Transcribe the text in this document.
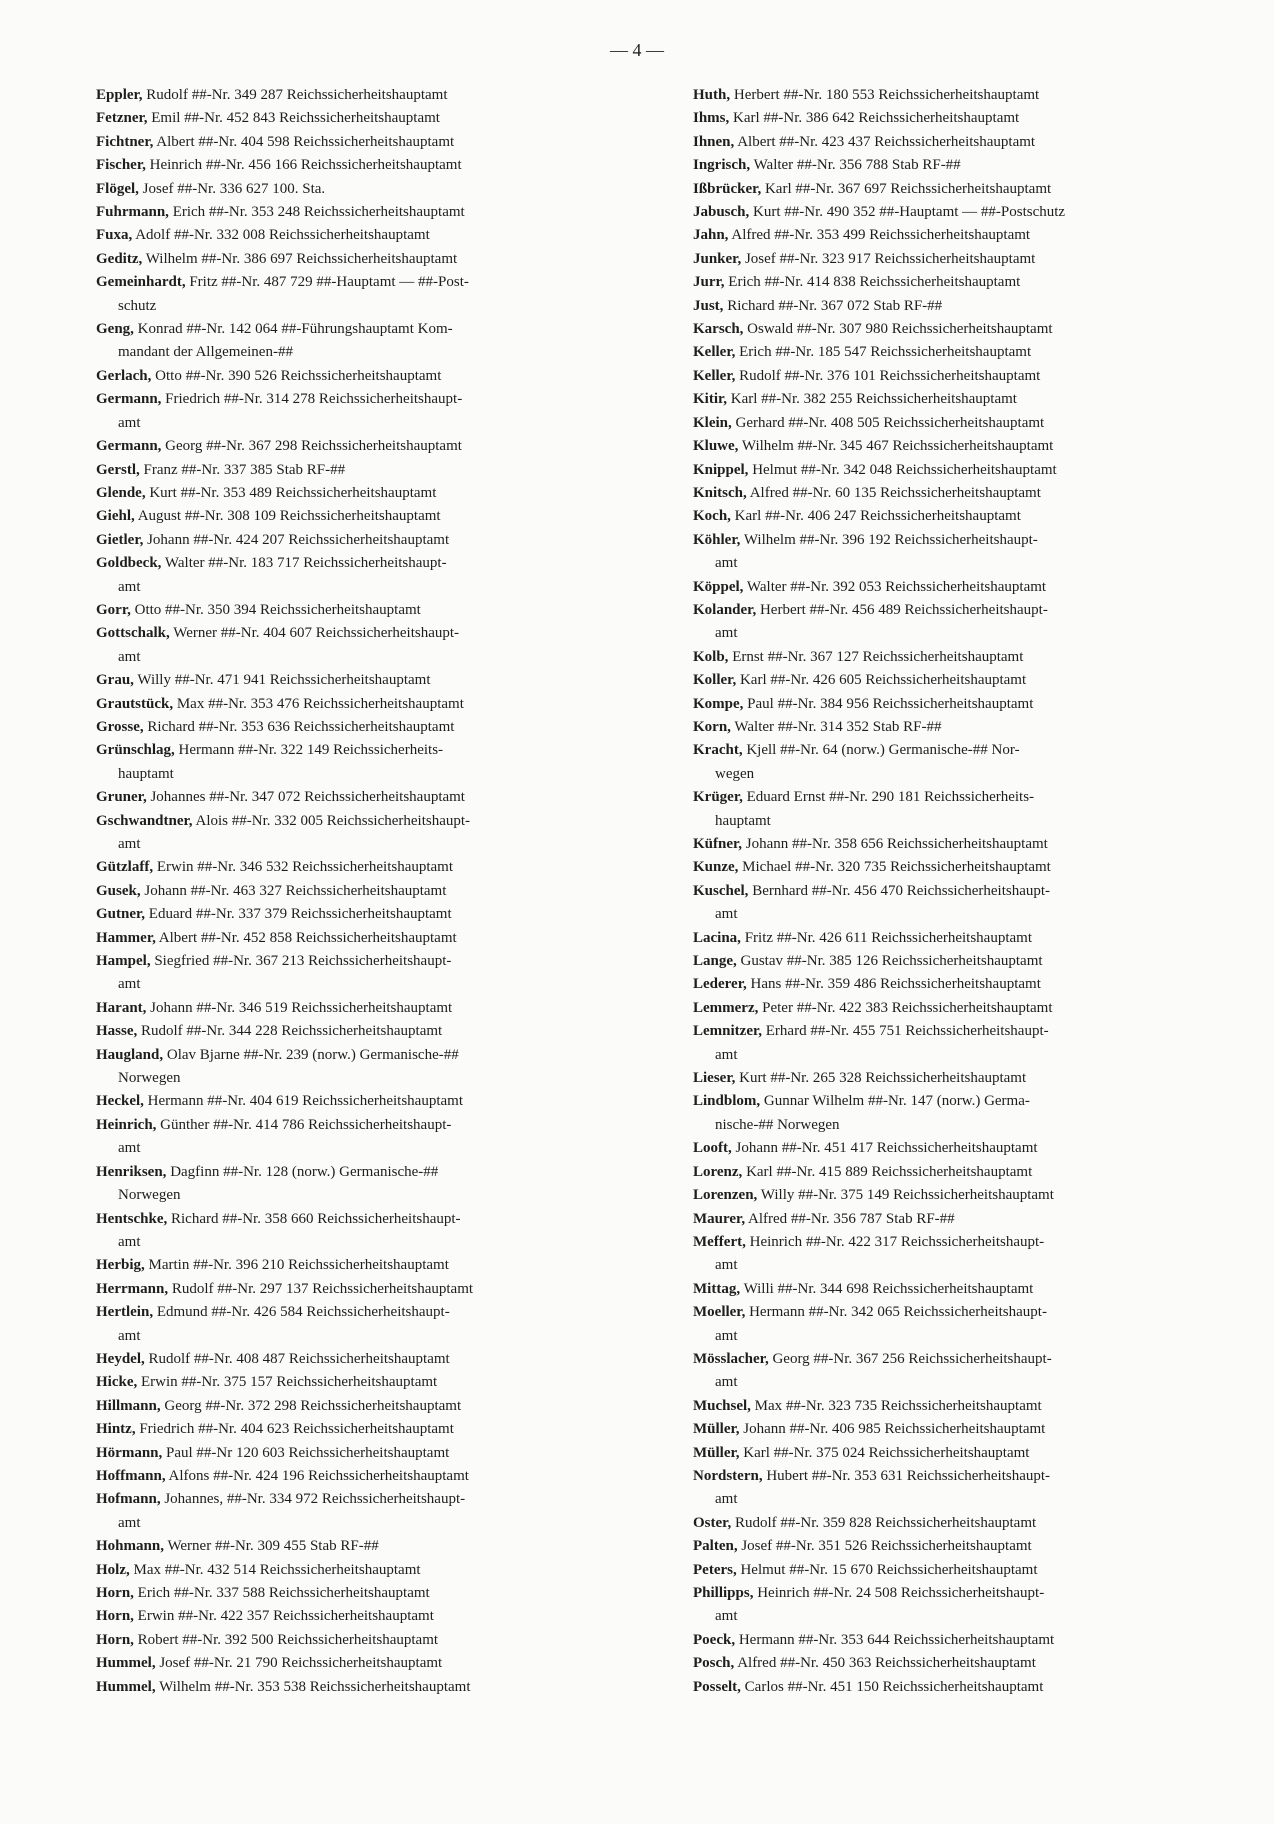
— 4 —
Eppler, Rudolf ##-Nr. 349 287 Reichssicherheitshauptamt
Fetzner, Emil ##-Nr. 452 843 Reichssicherheitshauptamt
Fichtner, Albert ##-Nr. 404 598 Reichssicherheitshauptamt
Fischer, Heinrich ##-Nr. 456 166 Reichssicherheitshauptamt
Flögel, Josef ##-Nr. 336 627 100. Sta.
Fuhrmann, Erich ##-Nr. 353 248 Reichssicherheitshauptamt
Fuxa, Adolf ##-Nr. 332 008 Reichssicherheitshauptamt
Geditz, Wilhelm ##-Nr. 386 697 Reichssicherheitshauptamt
Gemeinhardt, Fritz ##-Nr. 487 729 ##-Hauptamt — ##-Post-
schutz
Geng, Konrad ##-Nr. 142 064 ##-Führungshauptamt Kom-
mandant der Allgemeinen-##
Gerlach, Otto ##-Nr. 390 526 Reichssicherheitshauptamt
Germann, Friedrich ##-Nr. 314 278 Reichssicherheitshaupt-
amt
Germann, Georg ##-Nr. 367 298 Reichssicherheitshauptamt
Gerstl, Franz ##-Nr. 337 385 Stab RF-##
Glende, Kurt ##-Nr. 353 489 Reichssicherheitshauptamt
Giehl, August ##-Nr. 308 109 Reichssicherheitshauptamt
Gietler, Johann ##-Nr. 424 207 Reichssicherheitshauptamt
Goldbeck, Walter ##-Nr. 183 717 Reichssicherheitshaupt-
amt
Gorr, Otto ##-Nr. 350 394 Reichssicherheitshauptamt
Gottschalk, Werner ##-Nr. 404 607 Reichssicherheitshaupt-
amt
Grau, Willy ##-Nr. 471 941 Reichssicherheitshauptamt
Grautstück, Max ##-Nr. 353 476 Reichssicherheitshauptamt
Grosse, Richard ##-Nr. 353 636 Reichssicherheitshauptamt
Grünschlag, Hermann ##-Nr. 322 149 Reichssicherheits-
hauptamt
Gruner, Johannes ##-Nr. 347 072 Reichssicherheitshauptamt
Gschwandtner, Alois ##-Nr. 332 005 Reichssicherheitshaupt-
amt
Gützlaff, Erwin ##-Nr. 346 532 Reichssicherheitshauptamt
Gusek, Johann ##-Nr. 463 327 Reichssicherheitshauptamt
Gutner, Eduard ##-Nr. 337 379 Reichssicherheitshauptamt
Hammer, Albert ##-Nr. 452 858 Reichssicherheitshauptamt
Hampel, Siegfried ##-Nr. 367 213 Reichssicherheitshaupt-
amt
Harant, Johann ##-Nr. 346 519 Reichssicherheitshauptamt
Hasse, Rudolf ##-Nr. 344 228 Reichssicherheitshauptamt
Haugland, Olav Bjarne ##-Nr. 239 (norw.) Germanische-##
Norwegen
Heckel, Hermann ##-Nr. 404 619 Reichssicherheitshauptamt
Heinrich, Günther ##-Nr. 414 786 Reichssicherheitshaupt-
amt
Henriksen, Dagfinn ##-Nr. 128 (norw.) Germanische-##
Norwegen
Hentschke, Richard ##-Nr. 358 660 Reichssicherheitshaupt-
amt
Herbig, Martin ##-Nr. 396 210 Reichssicherheitshauptamt
Herrmann, Rudolf ##-Nr. 297 137 Reichssicherheitshauptamt
Hertlein, Edmund ##-Nr. 426 584 Reichssicherheitshaupt-
amt
Heydel, Rudolf ##-Nr. 408 487 Reichssicherheitshauptamt
Hicke, Erwin ##-Nr. 375 157 Reichssicherheitshauptamt
Hillmann, Georg ##-Nr. 372 298 Reichssicherheitshauptamt
Hintz, Friedrich ##-Nr. 404 623 Reichssicherheitshauptamt
Hörmann, Paul ##-Nr 120 603 Reichssicherheitshauptamt
Hoffmann, Alfons ##-Nr. 424 196 Reichssicherheitshauptamt
Hofmann, Johannes, ##-Nr. 334 972 Reichssicherheitshaupt-
amt
Hohmann, Werner ##-Nr. 309 455 Stab RF-##
Holz, Max ##-Nr. 432 514 Reichssicherheitshauptamt
Horn, Erich ##-Nr. 337 588 Reichssicherheitshauptamt
Horn, Erwin ##-Nr. 422 357 Reichssicherheitshauptamt
Horn, Robert ##-Nr. 392 500 Reichssicherheitshauptamt
Hummel, Josef ##-Nr. 21 790 Reichssicherheitshauptamt
Hummel, Wilhelm ##-Nr. 353 538 Reichssicherheitshauptamt
Huth, Herbert ##-Nr. 180 553 Reichssicherheitshauptamt
Ihms, Karl ##-Nr. 386 642 Reichssicherheitshauptamt
Ihnen, Albert ##-Nr. 423 437 Reichssicherheitshauptamt
Ingrisch, Walter ##-Nr. 356 788 Stab RF-##
Ißbrücker, Karl ##-Nr. 367 697 Reichssicherheitshauptamt
Jabusch, Kurt ##-Nr. 490 352 ##-Hauptamt — ##-Postschutz
Jahn, Alfred ##-Nr. 353 499 Reichssicherheitshauptamt
Junker, Josef ##-Nr. 323 917 Reichssicherheitshauptamt
Jurr, Erich ##-Nr. 414 838 Reichssicherheitshauptamt
Just, Richard ##-Nr. 367 072 Stab RF-##
Karsch, Oswald ##-Nr. 307 980 Reichssicherheitshauptamt
Keller, Erich ##-Nr. 185 547 Reichssicherheitshauptamt
Keller, Rudolf ##-Nr. 376 101 Reichssicherheitshauptamt
Kitir, Karl ##-Nr. 382 255 Reichssicherheitshauptamt
Klein, Gerhard ##-Nr. 408 505 Reichssicherheitshauptamt
Kluwe, Wilhelm ##-Nr. 345 467 Reichssicherheitshauptamt
Knippel, Helmut ##-Nr. 342 048 Reichssicherheitshauptamt
Knitsch, Alfred ##-Nr. 60 135 Reichssicherheitshauptamt
Koch, Karl ##-Nr. 406 247 Reichssicherheitshauptamt
Köhler, Wilhelm ##-Nr. 396 192 Reichssicherheitshaupt-
amt
Köppel, Walter ##-Nr. 392 053 Reichssicherheitshauptamt
Kolander, Herbert ##-Nr. 456 489 Reichssicherheitshaupt-
amt
Kolb, Ernst ##-Nr. 367 127 Reichssicherheitshauptamt
Koller, Karl ##-Nr. 426 605 Reichssicherheitshauptamt
Kompe, Paul ##-Nr. 384 956 Reichssicherheitshauptamt
Korn, Walter ##-Nr. 314 352 Stab RF-##
Kracht, Kjell ##-Nr. 64 (norw.) Germanische-## Nor-
wegen
Krüger, Eduard Ernst ##-Nr. 290 181 Reichssicherheits-
hauptamt
Küfner, Johann ##-Nr. 358 656 Reichssicherheitshauptamt
Kunze, Michael ##-Nr. 320 735 Reichssicherheitshauptamt
Kuschel, Bernhard ##-Nr. 456 470 Reichssicherheitshaupt-
amt
Lacina, Fritz ##-Nr. 426 611 Reichssicherheitshauptamt
Lange, Gustav ##-Nr. 385 126 Reichssicherheitshauptamt
Lederer, Hans ##-Nr. 359 486 Reichssicherheitshauptamt
Lemmerz, Peter ##-Nr. 422 383 Reichssicherheitshauptamt
Lemnitzer, Erhard ##-Nr. 455 751 Reichssicherheitshaupt-
amt
Lieser, Kurt ##-Nr. 265 328 Reichssicherheitshauptamt
Lindblom, Gunnar Wilhelm ##-Nr. 147 (norw.) Germa-
nische-## Norwegen
Looft, Johann ##-Nr. 451 417 Reichssicherheitshauptamt
Lorenz, Karl ##-Nr. 415 889 Reichssicherheitshauptamt
Lorenzen, Willy ##-Nr. 375 149 Reichssicherheitshauptamt
Maurer, Alfred ##-Nr. 356 787 Stab RF-##
Meffert, Heinrich ##-Nr. 422 317 Reichssicherheitshaupt-
amt
Mittag, Willi ##-Nr. 344 698 Reichssicherheitshauptamt
Moeller, Hermann ##-Nr. 342 065 Reichssicherheitshaupt-
amt
Mösslacher, Georg ##-Nr. 367 256 Reichssicherheitshaupt-
amt
Muchsel, Max ##-Nr. 323 735 Reichssicherheitshauptamt
Müller, Johann ##-Nr. 406 985 Reichssicherheitshauptamt
Müller, Karl ##-Nr. 375 024 Reichssicherheitshauptamt
Nordstern, Hubert ##-Nr. 353 631 Reichssicherheitshaupt-
amt
Oster, Rudolf ##-Nr. 359 828 Reichssicherheitshauptamt
Palten, Josef ##-Nr. 351 526 Reichssicherheitshauptamt
Peters, Helmut ##-Nr. 15 670 Reichssicherheitshauptamt
Phillipps, Heinrich ##-Nr. 24 508 Reichssicherheitshaupt-
amt
Poeck, Hermann ##-Nr. 353 644 Reichssicherheitshauptamt
Posch, Alfred ##-Nr. 450 363 Reichssicherheitshauptamt
Posselt, Carlos ##-Nr. 451 150 Reichssicherheitshauptamt
